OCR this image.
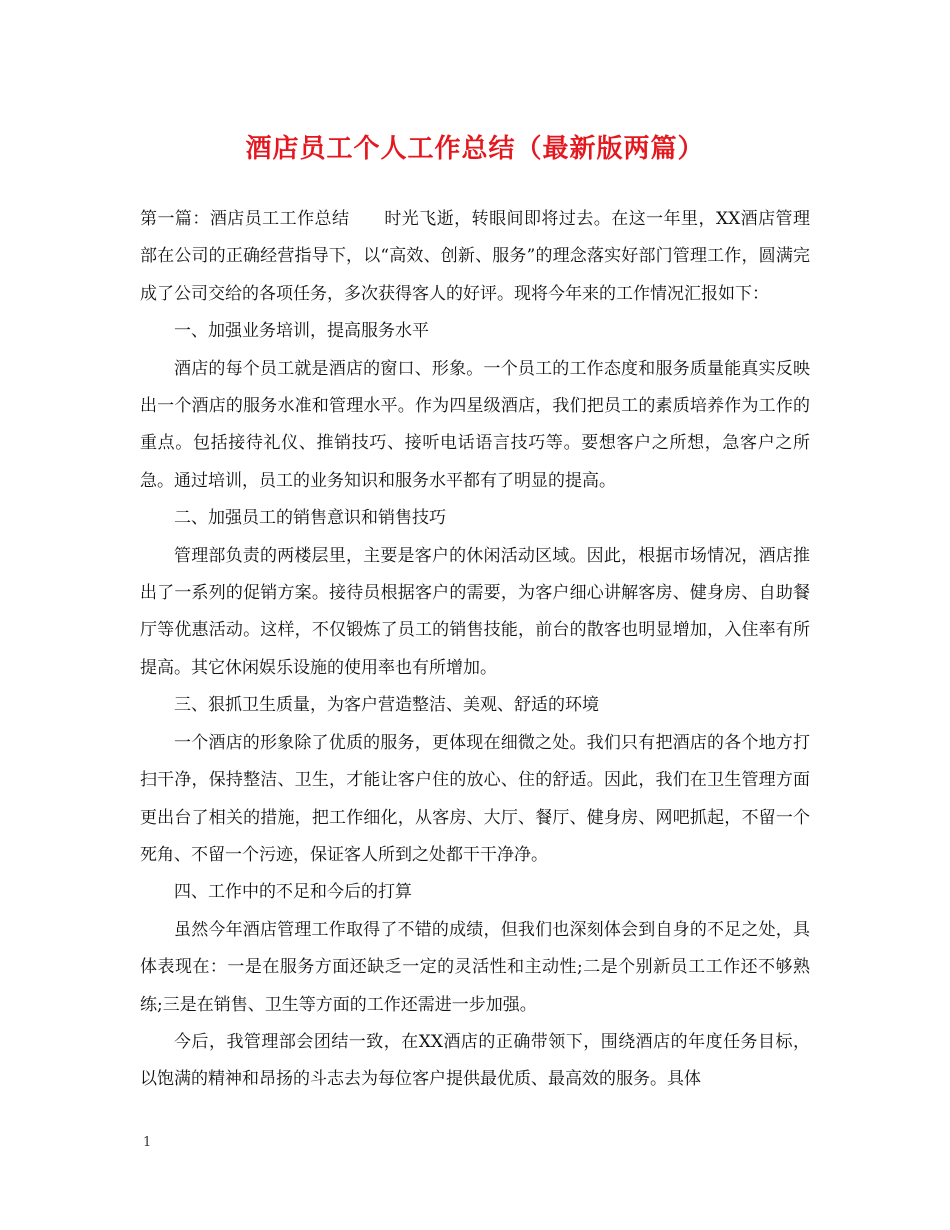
酒店员工个人工作总结（最新版两篇）

第一篇：酒店员工工作总结　　时光飞逝，转眼间即将过去。在这一年里，XX酒店管理部在公司的正确经营指导下，以“高效、创新、服务”的理念落实好部门管理工作，圆满完成了公司交给的各项任务，多次获得客人的好评。现将今年来的工作情况汇报如下：

一、加强业务培训，提高服务水平

酒店的每个员工就是酒店的窗口、形象。一个员工的工作态度和服务质量能真实反映出一个酒店的服务水准和管理水平。作为四星级酒店，我们把员工的素质培养作为工作的重点。包括接待礼仪、推销技巧、接听电话语言技巧等。要想客户之所想，急客户之所急。通过培训，员工的业务知识和服务水平都有了明显的提高。

二、加强员工的销售意识和销售技巧

管理部负责的两楼层里，主要是客户的休闲活动区域。因此，根据市场情况，酒店推出了一系列的促销方案。接待员根据客户的需要，为客户细心讲解客房、健身房、自助餐厅等优惠活动。这样，不仅锻炼了员工的销售技能，前台的散客也明显增加，入住率有所提高。其它休闲娱乐设施的使用率也有所增加。

三、狠抓卫生质量，为客户营造整洁、美观、舒适的环境

一个酒店的形象除了优质的服务，更体现在细微之处。我们只有把酒店的各个地方打扫干净，保持整洁、卫生，才能让客户住的放心、住的舒适。因此，我们在卫生管理方面更出台了相关的措施，把工作细化，从客房、大厅、餐厅、健身房、网吧抓起，不留一个死角、不留一个污迹，保证客人所到之处都干干净净。

四、工作中的不足和今后的打算

虽然今年酒店管理工作取得了不错的成绩，但我们也深刻体会到自身的不足之处，具体表现在：一是在服务方面还缺乏一定的灵活性和主动性;二是个别新员工工作还不够熟练;三是在销售、卫生等方面的工作还需进一步加强。

今后，我管理部会团结一致，在XX酒店的正确带领下，围绕酒店的年度任务目标，以饱满的精神和昂扬的斗志去为每位客户提供最优质、最高效的服务。具体

1
